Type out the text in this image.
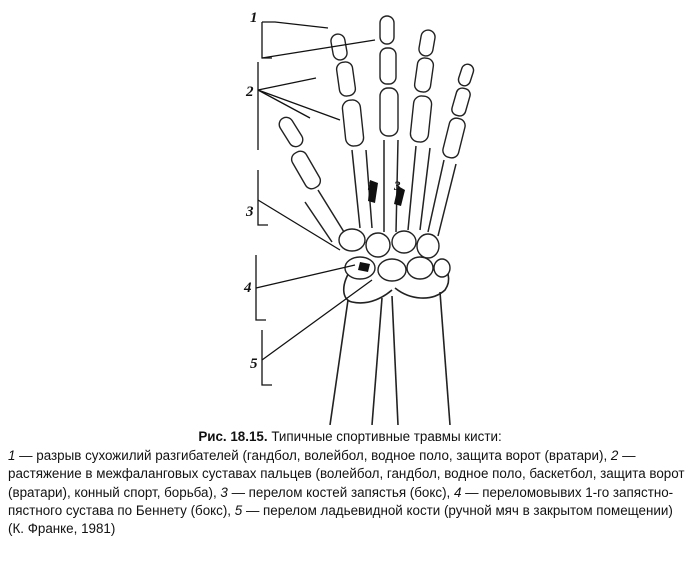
1
2
3
4
5
3 3

Рис. 18.15. Типичные спортивные травмы кисти:

1 — разрыв сухожилий разгибателей (гандбол, волейбол, водное поло, защита ворот (вратари), 2 — растяжение в межфаланговых суставах пальцев (волейбол, гандбол, водное поло, баскетбол, защита ворот (вратари), конный спорт, борьба), 3 — перелом костей запястья (бокс), 4 — переломовывих 1-го запястно-пястного сустава по Беннету (бокс), 5 — перелом ладьевидной кости (ручной мяч в закрытом помещении) (К. Франке, 1981)
